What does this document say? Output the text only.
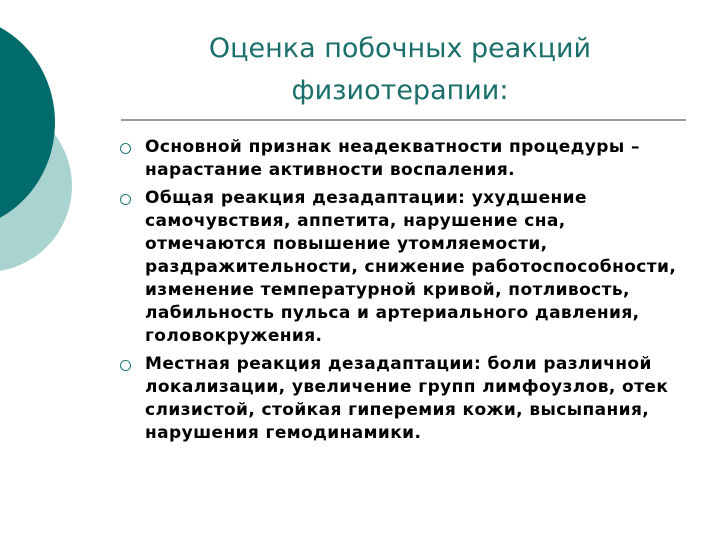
Оценка побочных реакций
физиотерапии:
Основной признак неадекватности процедуры – нарастание активности воспаления.
Общая реакция дезадаптации: ухудшение самочувствия, аппетита, нарушение сна, отмечаются повышение утомляемости, раздражительности, снижение работоспособности, изменение температурной кривой, потливость, лабильность пульса и артериального давления, головокружения.
Местная реакция дезадаптации: боли различной локализации, увеличение групп лимфоузлов, отек слизистой, стойкая гиперемия кожи, высыпания, нарушения гемодинамики.
